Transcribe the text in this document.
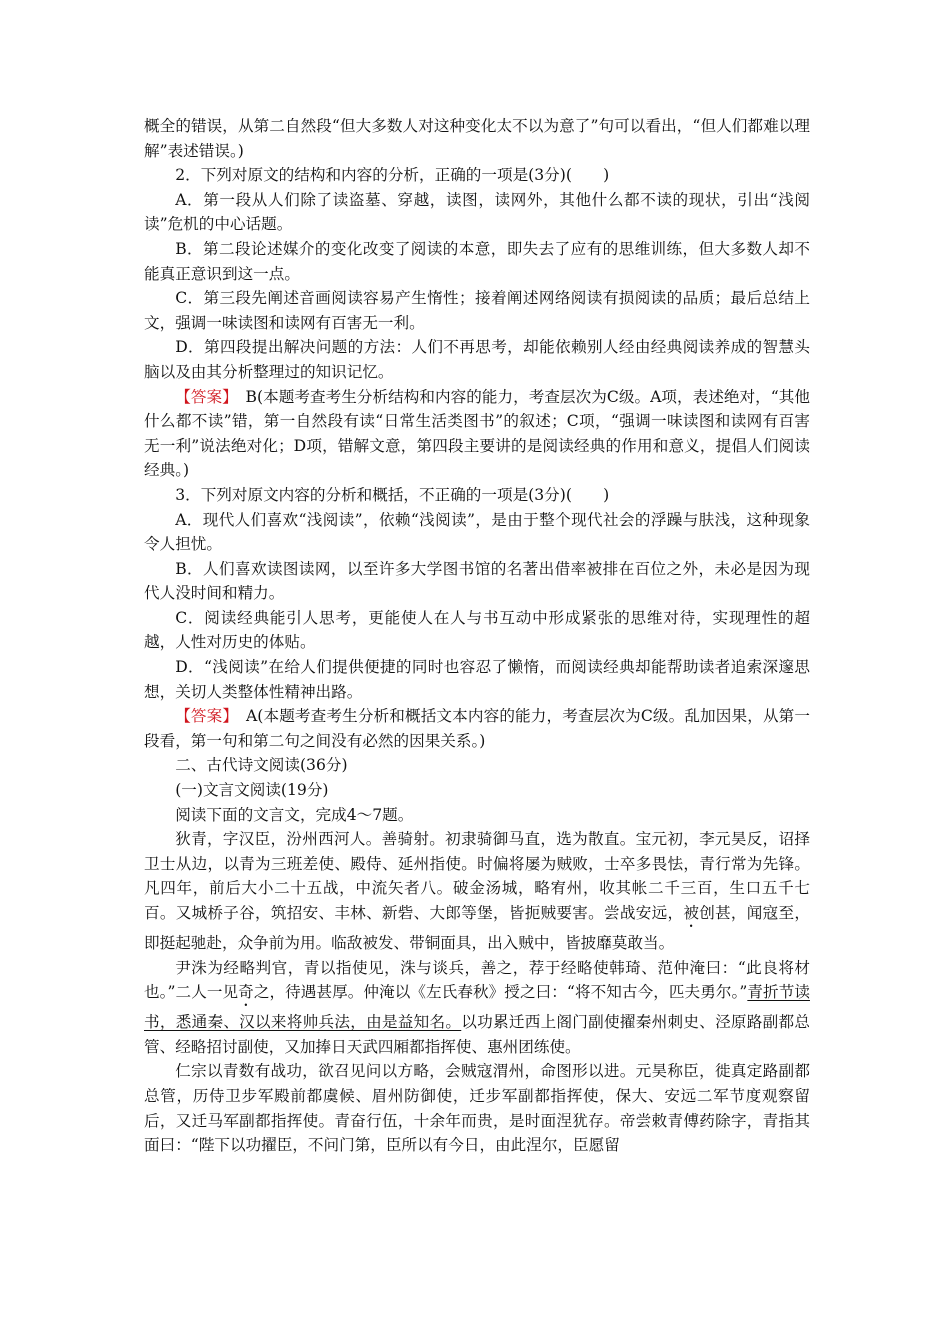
概全的错误，从第二自然段“但大多数人对这种变化太不以为意了”句可以看出，“但人们都难以理解”表述错误。)

2．下列对原文的结构和内容的分析，正确的一项是(3分)(　　)

A．第一段从人们除了读盗墓、穿越，读图，读网外，其他什么都不读的现状，引出“浅阅读”危机的中心话题。

B．第二段论述媒介的变化改变了阅读的本意，即失去了应有的思维训练，但大多数人却不能真正意识到这一点。

C．第三段先阐述音画阅读容易产生惰性；接着阐述网络阅读有损阅读的品质；最后总结上文，强调一味读图和读网有百害无一利。

D．第四段提出解决问题的方法：人们不再思考，却能依赖别人经由经典阅读养成的智慧头脑以及由其分析整理过的知识记忆。

【答案】　B(本题考查考生分析结构和内容的能力，考查层次为C级。A项，表述绝对，“其他什么都不读”错，第一自然段有读“日常生活类图书”的叙述；C项，“强调一味读图和读网有百害无一利”说法绝对化；D项，错解文意，第四段主要讲的是阅读经典的作用和意义，提倡人们阅读经典。)

3．下列对原文内容的分析和概括，不正确的一项是(3分)(　　)

A．现代人们喜欢“浅阅读”，依赖“浅阅读”，是由于整个现代社会的浮躁与肤浅，这种现象令人担忧。

B．人们喜欢读图读网，以至许多大学图书馆的名著出借率被排在百位之外，未必是因为现代人没时间和精力。

C．阅读经典能引人思考，更能使人在人与书互动中形成紧张的思维对待，实现理性的超越，人性对历史的体贴。

D．“浅阅读”在给人们提供便捷的同时也容忍了懒惰，而阅读经典却能帮助读者追索深邃思想，关切人类整体性精神出路。

【答案】　A(本题考查考生分析和概括文本内容的能力，考查层次为C级。乱加因果，从第一段看，第一句和第二句之间没有必然的因果关系。)

二、古代诗文阅读(36分)

(一)文言文阅读(19分)

阅读下面的文言文，完成4～7题。

狄青，字汉臣，汾州西河人。善骑射。初隶骑御马直，选为散直。宝元初，李元昊反，诏择卫士从边，以青为三班差使、殿侍、延州指使。时偏将屡为贼败，士卒多畏怯，青行常为先锋。凡四年，前后大小二十五战，中流矢者八。破金汤城，略宥州，收其帐二千三百，生口五千七百。又城桥子谷，筑招安、丰林、新砦、大郎等堡，皆扼贼要害。尝战安远，被创甚，闻寇至，即挺起驰赴，众争前为用。临敌被发、带铜面具，出入贼中，皆披靡莫敢当。

尹洙为经略判官，青以指使见，洙与谈兵，善之，荐于经略使韩琦、范仲淹曰：“此良将材也。”二人一见奇之，待遇甚厚。仲淹以《左氏春秋》授之曰：“将不知古今，匹夫勇尔。”青折节读书，悉通秦、汉以来将帅兵法，由是益知名。以功累迁西上阁门副使擢秦州刺史、泾原路副都总管、经略招讨副使，又加捧日天武四厢都指挥使、惠州团练使。

仁宗以青数有战功，欲召见问以方略，会贼寇渭州，命图形以进。元昊称臣，徙真定路副都总管，历侍卫步军殿前都虞候、眉州防御使，迁步军副都指挥使，保大、安远二军节度观察留后，又迁马军副都指挥使。青奋行伍，十余年而贵，是时面涅犹存。帝尝敕青傅药除字，青指其面曰：“陛下以功擢臣，不问门第，臣所以有今日，由此涅尔，臣愿留
